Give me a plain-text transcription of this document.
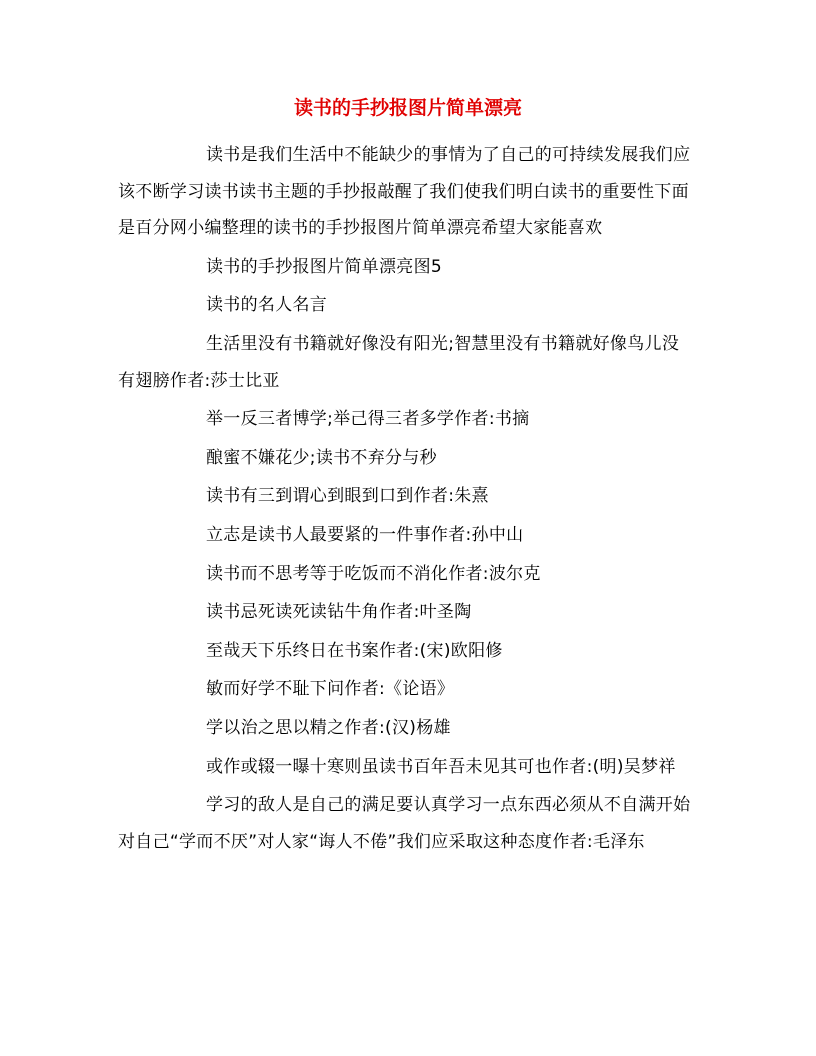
读书的手抄报图片简单漂亮

读书是我们生活中不能缺少的事情为了自己的可持续发展我们应该不断学习读书读书主题的手抄报敲醒了我们使我们明白读书的重要性下面是百分网小编整理的读书的手抄报图片简单漂亮希望大家能喜欢

读书的手抄报图片简单漂亮图5

读书的名人名言

生活里没有书籍就好像没有阳光;智慧里没有书籍就好像鸟儿没有翅膀作者:莎士比亚

举一反三者博学;举己得三者多学作者:书摘

酿蜜不嫌花少;读书不弃分与秒

读书有三到谓心到眼到口到作者:朱熹

立志是读书人最要紧的一件事作者:孙中山

读书而不思考等于吃饭而不消化作者:波尔克

读书忌死读死读钻牛角作者:叶圣陶

至哉天下乐终日在书案作者:(宋)欧阳修

敏而好学不耻下问作者:《论语》

学以治之思以精之作者:(汉)杨雄

或作或辍一曝十寒则虽读书百年吾未见其可也作者:(明)吴梦祥

学习的敌人是自己的满足要认真学习一点东西必须从不自满开始对自己“学而不厌”对人家“诲人不倦”我们应采取这种态度作者:毛泽东
